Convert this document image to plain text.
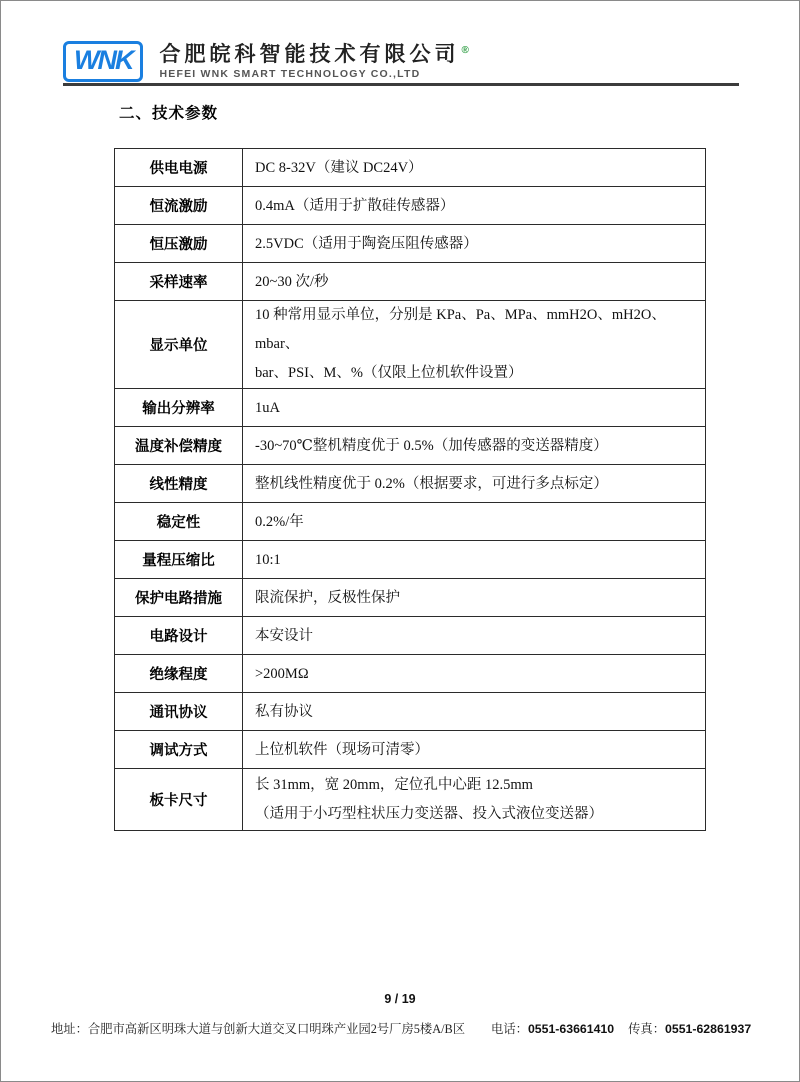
WNK	合肥皖科智能技术有限公司 ®
HEFEI WNK SMART TECHNOLOGY CO.,LTD
二、技术参数
供电电源	DC 8-32V（建议 DC24V）

恒流激励	0.4mA（适用于扩散硅传感器）

恒压激励	2.5VDC（适用于陶瓷压阻传感器）

采样速率	20~30 次/秒

显示单位	10 种常用显示单位，分别是 KPa、Pa、MPa、mmH2O、mH2O、mbar、
bar、PSI、M、%（仅限上位机软件设置）

输出分辨率	1uA

温度补偿精度	-30~70℃整机精度优于 0.5%（加传感器的变送器精度）

线性精度	整机线性精度优于 0.2%（根据要求，可进行多点标定）

稳定性	0.2%/年

量程压缩比	10:1

保护电路措施	限流保护，反极性保护

电路设计	本安设计

绝缘程度	>200MΩ

通讯协议	私有协议

调试方式	上位机软件（现场可清零）

板卡尺寸	长 31mm，宽 20mm，定位孔中心距 12.5mm
（适用于小巧型柱状压力变送器、投入式液位变送器）
9 / 19
地址：合肥市高新区明珠大道与创新大道交叉口明珠产业园2号厂房5楼A/B区 电话：0551-63661410 传真：0551-62861937
